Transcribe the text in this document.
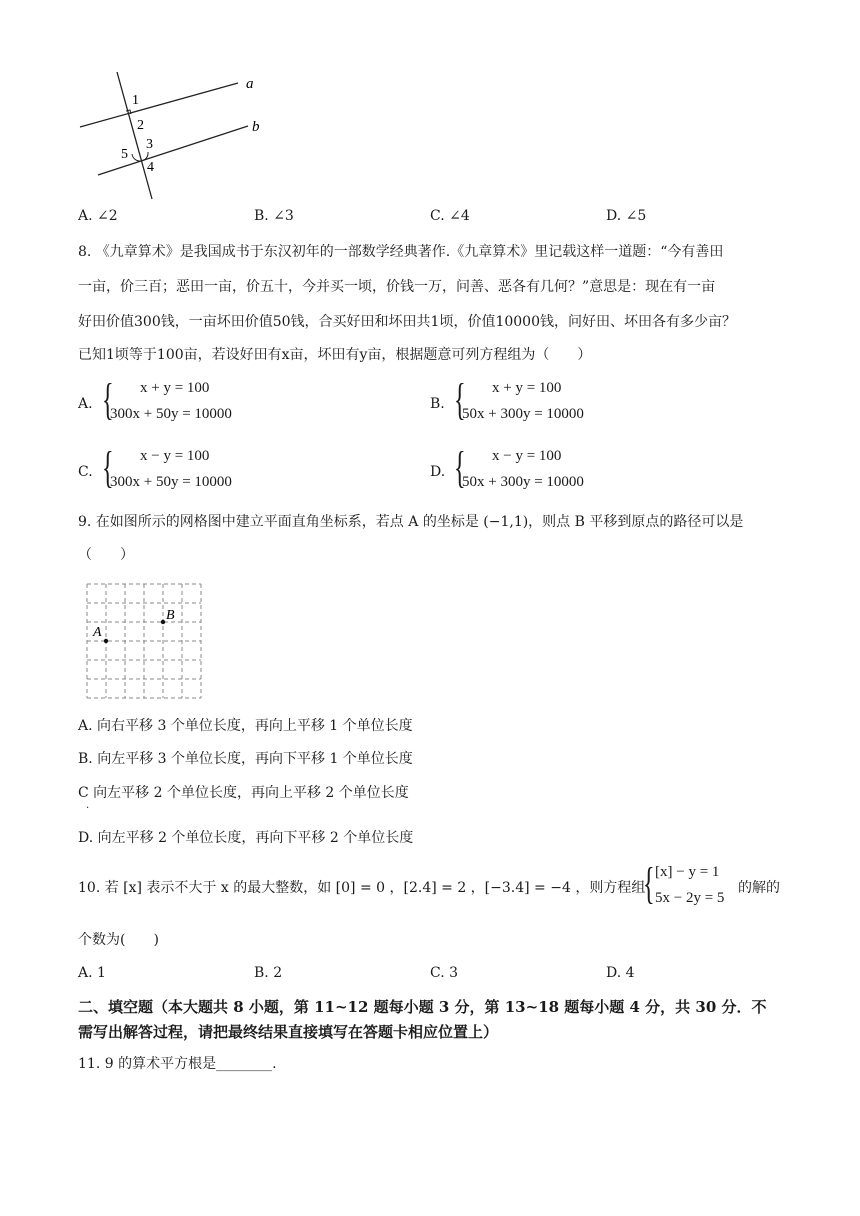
a
b
1
2
3
4
5
A. ∠2	B. ∠3	C. ∠4	D. ∠5
8. 《九章算术》是我国成书于东汉初年的一部数学经典著作.《九章算术》里记载这样一道题：“今有善田
一亩，价三百；恶田一亩，价五十，今并买一顷，价钱一万，问善、恶各有几何？”意思是：现在有一亩
好田价值300钱，一亩坏田价值50钱，合买好田和坏田共1顷，价值10000钱，问好田、坏田各有多少亩？
已知1顷等于100亩，若设好田有x亩，坏田有y亩，根据题意可列方程组为（　　）
A. { x + y = 100
300x + 50y = 10000
B. { x + y = 100
50x + 300y = 10000
C. { x − y = 100
300x + 50y = 10000
D. { x − y = 100
50x + 300y = 10000
9. 在如图所示的网格图中建立平面直角坐标系，若点 A 的坐标是 (−1,1)，则点 B 平移到原点的路径可以是
（　　）
A
B
A. 向右平移 3 个单位长度，再向上平移 1 个单位长度
B. 向左平移 3 个单位长度，再向下平移 1 个单位长度
C 向左平移 2 个单位长度，再向上平移 2 个单位长度
.
D. 向左平移 2 个单位长度，再向下平移 2 个单位长度
10. 若 [x] 表示不大于 x 的最大整数，如 [0] = 0 ，[2.4] = 2 ，[−3.4] = −4 ，则方程组
{ [x] − y = 1
5x − 2y = 5
的解的
个数为(　　)
A. 1	B. 2	C. 3	D. 4
二、填空题（本大题共 8 小题，第 11~12 题每小题 3 分，第 13~18 题每小题 4 分，共 30 分．不
需写出解答过程，请把最终结果直接填写在答题卡相应位置上）
11. 9 的算术平方根是________.
